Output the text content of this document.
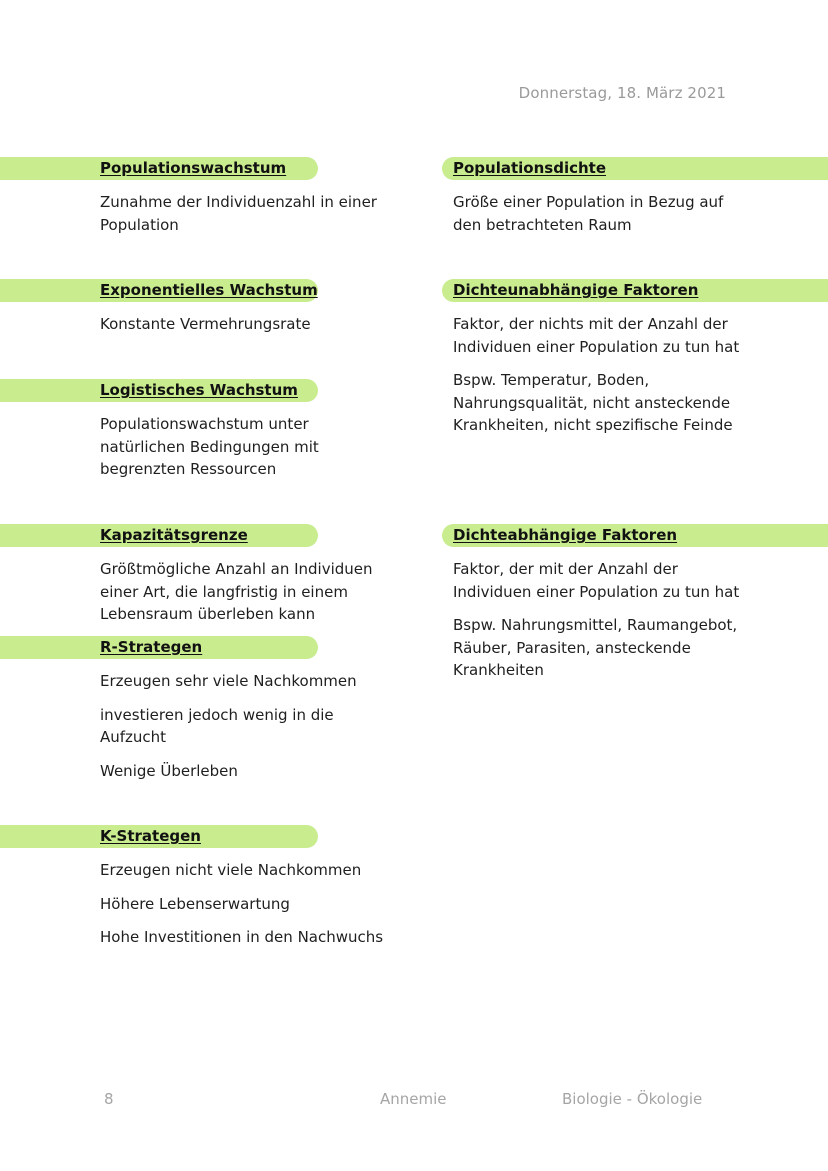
Donnerstag, 18. März 2021
Populationswachstum

Zunahme der Individuenzahl in einer Population

Exponentielles Wachstum

Konstante Vermehrungsrate

Logistisches Wachstum

Populationswachstum unter natürlichen Bedingungen mit begrenzten Ressourcen

Kapazitätsgrenze

Größtmögliche Anzahl an Individuen einer Art, die langfristig in einem Lebensraum überleben kann

R-Strategen

Erzeugen sehr viele Nachkommen

investieren jedoch wenig in die Aufzucht

Wenige Überleben

K-Strategen

Erzeugen nicht viele Nachkommen

Höhere Lebenserwartung

Hohe Investitionen in den Nachwuchs

Populationsdichte

Größe einer Population in Bezug auf den betrachteten Raum

Dichteunabhängige Faktoren

Faktor, der nichts mit der Anzahl der Individuen einer Population zu tun hat

Bspw. Temperatur, Boden, Nahrungsqualität, nicht ansteckende Krankheiten, nicht spezifische Feinde

Dichteabhängige Faktoren

Faktor, der mit der Anzahl der Individuen einer Population zu tun hat

Bspw. Nahrungsmittel, Raumangebot, Räuber, Parasiten, ansteckende Krankheiten

8	Annemie	Biologie - Ökologie
